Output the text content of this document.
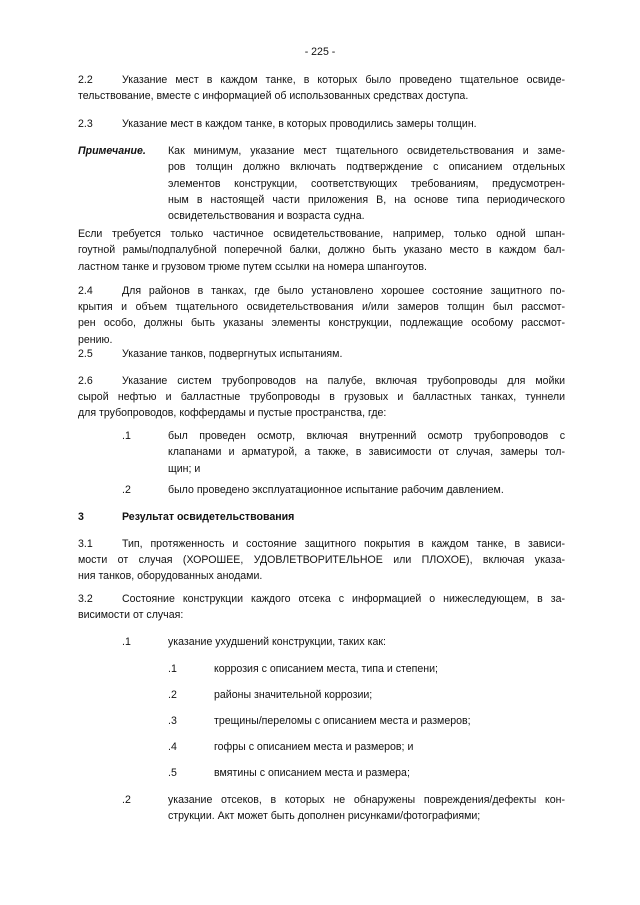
- 225 -
2.2	Указание мест в каждом танке, в которых было проведено тщательное освиде-
тельствование, вместе с информацией об использованных средствах доступа.
2.3	Указание мест в каждом танке, в которых проводились замеры толщин.
Примечание. Как минимум, указание мест тщательного освидетельствования и заме-
ров толщин должно включать подтверждение с описанием отдельных
элементов конструкции, соответствующих требованиям, предусмотрен-
ным в настоящей части приложения В, на основе типа периодического
освидетельствования и возраста судна.
Если требуется только частичное освидетельствование, например, только одной шпан-
гоутной рамы/подпалубной поперечной балки, должно быть указано место в каждом бал-
ластном танке и грузовом трюме путем ссылки на номера шпангоутов.
2.4	Для районов в танках, где было установлено хорошее состояние защитного по-
крытия и объем тщательного освидетельствования и/или замеров толщин был рассмот-
рен особо, должны быть указаны элементы конструкции, подлежащие особому рассмот-
рению.
2.5	Указание танков, подвергнутых испытаниям.
2.6	Указание систем трубопроводов на палубе, включая трубопроводы для мойки
сырой нефтью и балластные трубопроводы в грузовых и балластных танках, туннели
для трубопроводов, коффердамы и пустые пространства, где:
.1	был проведен осмотр, включая внутренний осмотр трубопроводов с
клапанами и арматурой, а также, в зависимости от случая, замеры тол-
щин; и
.2	было проведено эксплуатационное испытание рабочим давлением.
3	Результат освидетельствования
3.1	Тип, протяженность и состояние защитного покрытия в каждом танке, в зависи-
мости от случая (ХОРОШЕЕ, УДОВЛЕТВОРИТЕЛЬНОЕ или ПЛОХОЕ), включая указа-
ния танков, оборудованных анодами.
3.2	Состояние конструкции каждого отсека с информацией о нижеследующем, в за-
висимости от случая:
.1	указание ухудшений конструкции, таких как:
.1	коррозия с описанием места, типа и степени;
.2	районы значительной коррозии;
.3	трещины/переломы с описанием места и размеров;
.4	гофры с описанием места и размеров; и
.5	вмятины с описанием места и размера;
.2	указание отсеков, в которых не обнаружены повреждения/дефекты кон-
струкции. Акт может быть дополнен рисунками/фотографиями;
